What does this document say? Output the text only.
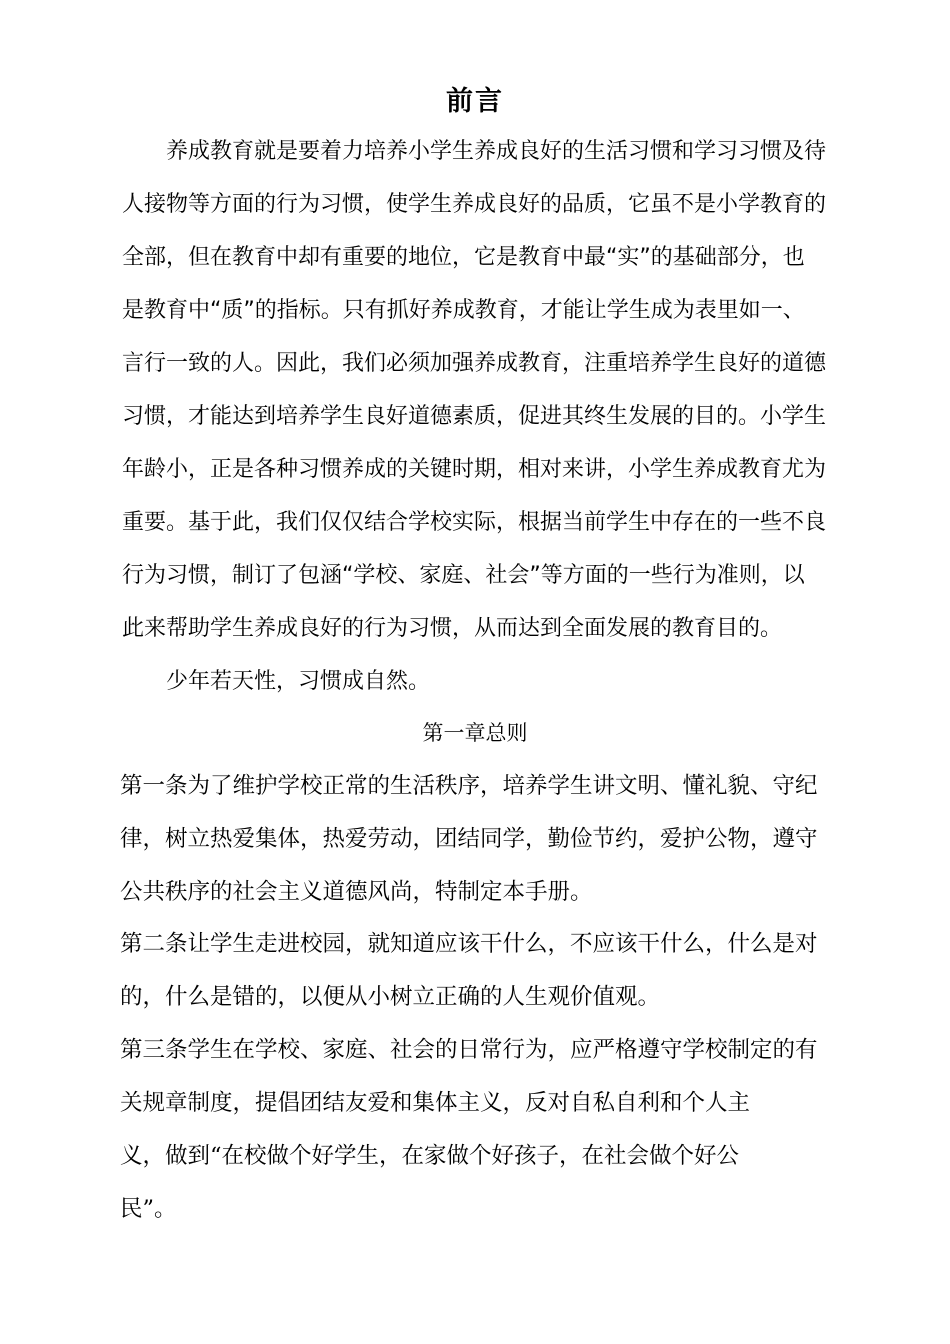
前言
养成教育就是要着力培养小学生养成良好的生活习惯和学习习惯及待
人接物等方面的行为习惯，使学生养成良好的品质，它虽不是小学教育的
全部，但在教育中却有重要的地位，它是教育中最“实”的基础部分，也
是教育中“质”的指标。只有抓好养成教育，才能让学生成为表里如一、
言行一致的人。因此，我们必须加强养成教育，注重培养学生良好的道德
习惯，才能达到培养学生良好道德素质，促进其终生发展的目的。小学生
年龄小，正是各种习惯养成的关键时期，相对来讲，小学生养成教育尤为
重要。基于此，我们仅仅结合学校实际，根据当前学生中存在的一些不良
行为习惯，制订了包涵“学校、家庭、社会”等方面的一些行为准则，以
此来帮助学生养成良好的行为习惯，从而达到全面发展的教育目的。
少年若天性，习惯成自然。
第一章总则
第一条为了维护学校正常的生活秩序，培养学生讲文明、懂礼貌、守纪
律，树立热爱集体，热爱劳动，团结同学，勤俭节约，爱护公物，遵守
公共秩序的社会主义道德风尚，特制定本手册。
第二条让学生走进校园，就知道应该干什么，不应该干什么，什么是对
的，什么是错的，以便从小树立正确的人生观价值观。
第三条学生在学校、家庭、社会的日常行为，应严格遵守学校制定的有
关规章制度，提倡团结友爱和集体主义，反对自私自利和个人主
义，做到“在校做个好学生，在家做个好孩子，在社会做个好公
民”。
